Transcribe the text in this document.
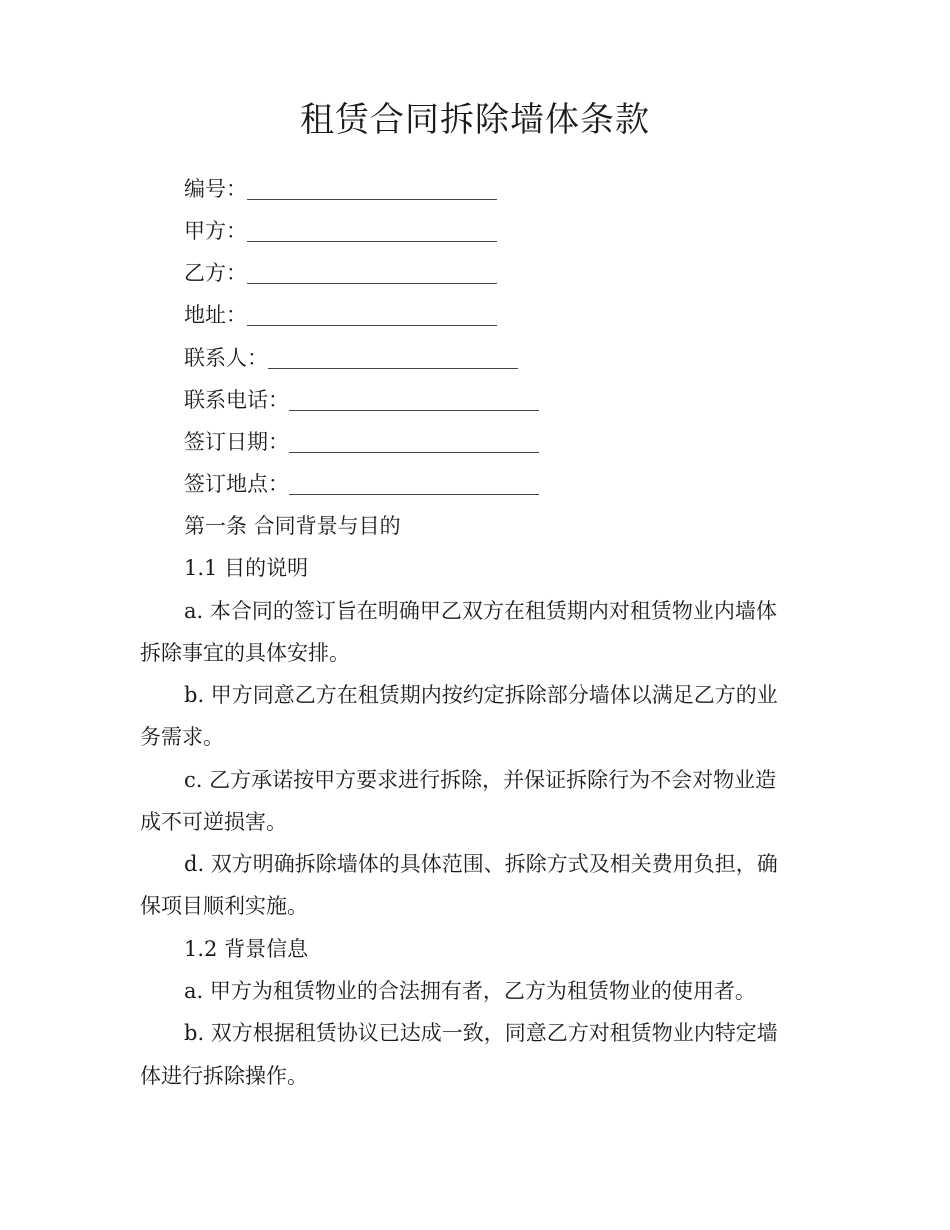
租赁合同拆除墙体条款
编号：
甲方：
乙方：
地址：
联系人：
联系电话：
签订日期：
签订地点：
第一条 合同背景与目的
1.1 目的说明
a. 本合同的签订旨在明确甲乙双方在租赁期内对租赁物业内墙体
拆除事宜的具体安排。
b. 甲方同意乙方在租赁期内按约定拆除部分墙体以满足乙方的业
务需求。
c. 乙方承诺按甲方要求进行拆除，并保证拆除行为不会对物业造
成不可逆损害。
d. 双方明确拆除墙体的具体范围、拆除方式及相关费用负担，确
保项目顺利实施。
1.2 背景信息
a. 甲方为租赁物业的合法拥有者，乙方为租赁物业的使用者。
b. 双方根据租赁协议已达成一致，同意乙方对租赁物业内特定墙
体进行拆除操作。
